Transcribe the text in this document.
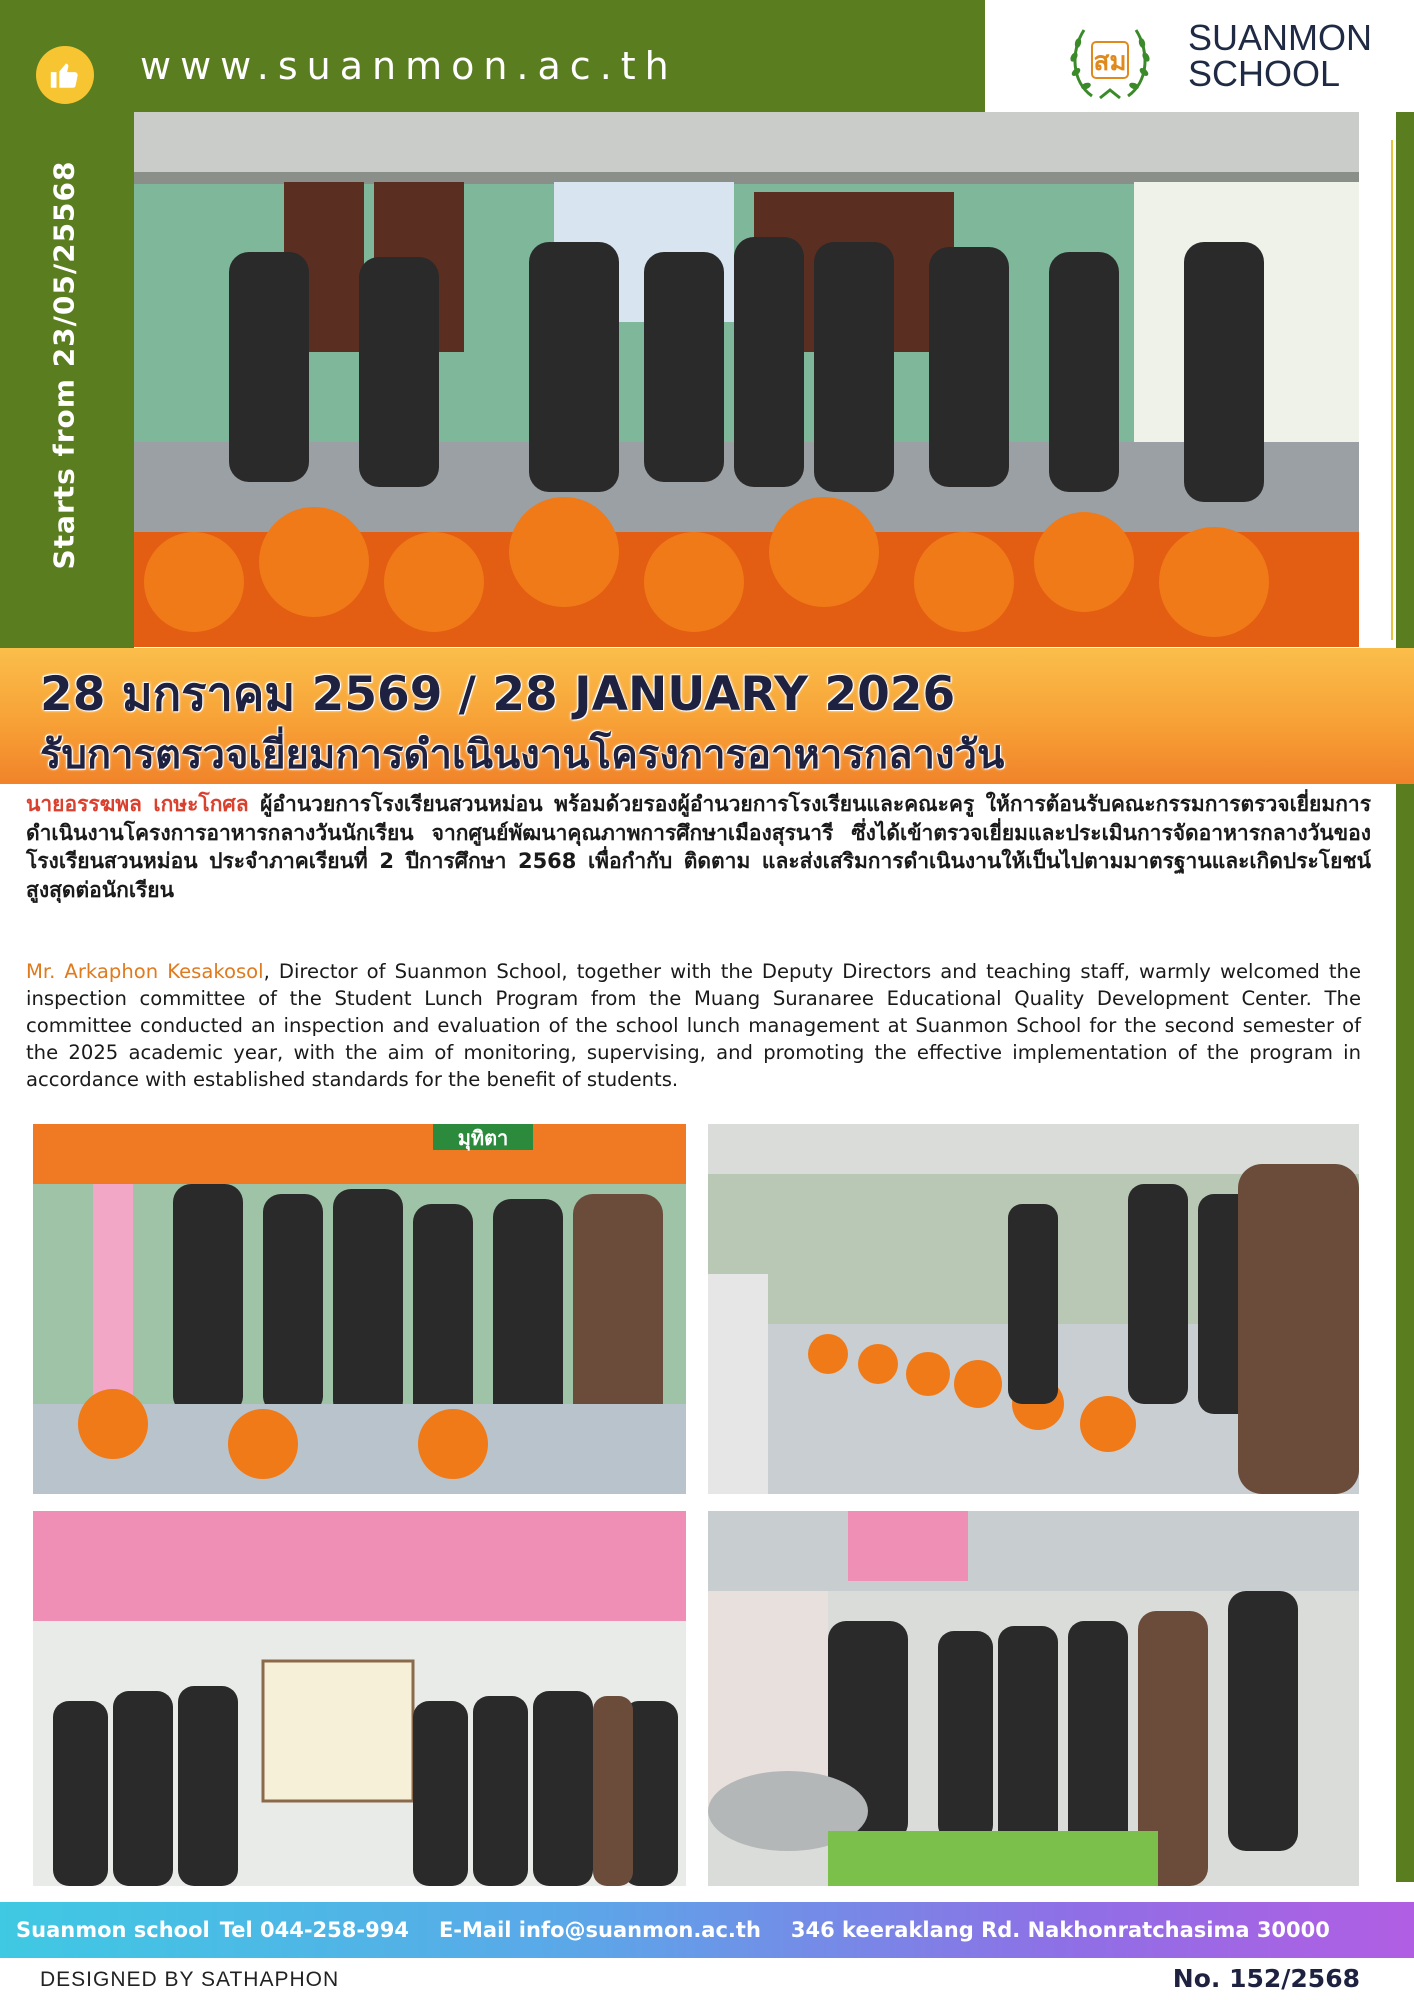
www.suanmon.ac.th
Starts from 23/05/25568
สม
SUANMON
SCHOOL
28 มกราคม 2569 / 28 JANUARY 2026
รับการตรวจเยี่ยมการดำเนินงานโครงการอาหารกลางวัน
นายอรรฆพล เกษะโกศล ผู้อำนวยการโรงเรียนสวนหม่อน พร้อมด้วยรองผู้อำนวยการโรงเรียนและคณะครู ให้การต้อนรับคณะกรรมการตรวจเยี่ยมการดำเนินงานโครงการอาหารกลางวันนักเรียน จากศูนย์พัฒนาคุณภาพการศึกษาเมืองสุรนารี ซึ่งได้เข้าตรวจเยี่ยมและประเมินการจัดอาหารกลางวันของโรงเรียนสวนหม่อน ประจำภาคเรียนที่ 2 ปีการศึกษา 2568 เพื่อกำกับ ติดตาม และส่งเสริมการดำเนินงานให้เป็นไปตามมาตรฐานและเกิดประโยชน์สูงสุดต่อนักเรียน
Mr. Arkaphon Kesakosol, Director of Suanmon School, together with the Deputy Directors and teaching staff, warmly welcomed the inspection committee of the Student Lunch Program from the Muang Suranaree Educational Quality Development Center. The committee conducted an inspection and evaluation of the school lunch management at Suanmon School for the second semester of the 2025 academic year, with the aim of monitoring, supervising, and promoting the effective implementation of the program in accordance with established standards for the benefit of students.
มุทิตา
Suanmon school Tel 044-258-994 E-Mail info@suanmon.ac.th 346 keeraklang Rd. Nakhonratchasima 30000
DESIGNED BY SATHAPHON	No. 152/2568
